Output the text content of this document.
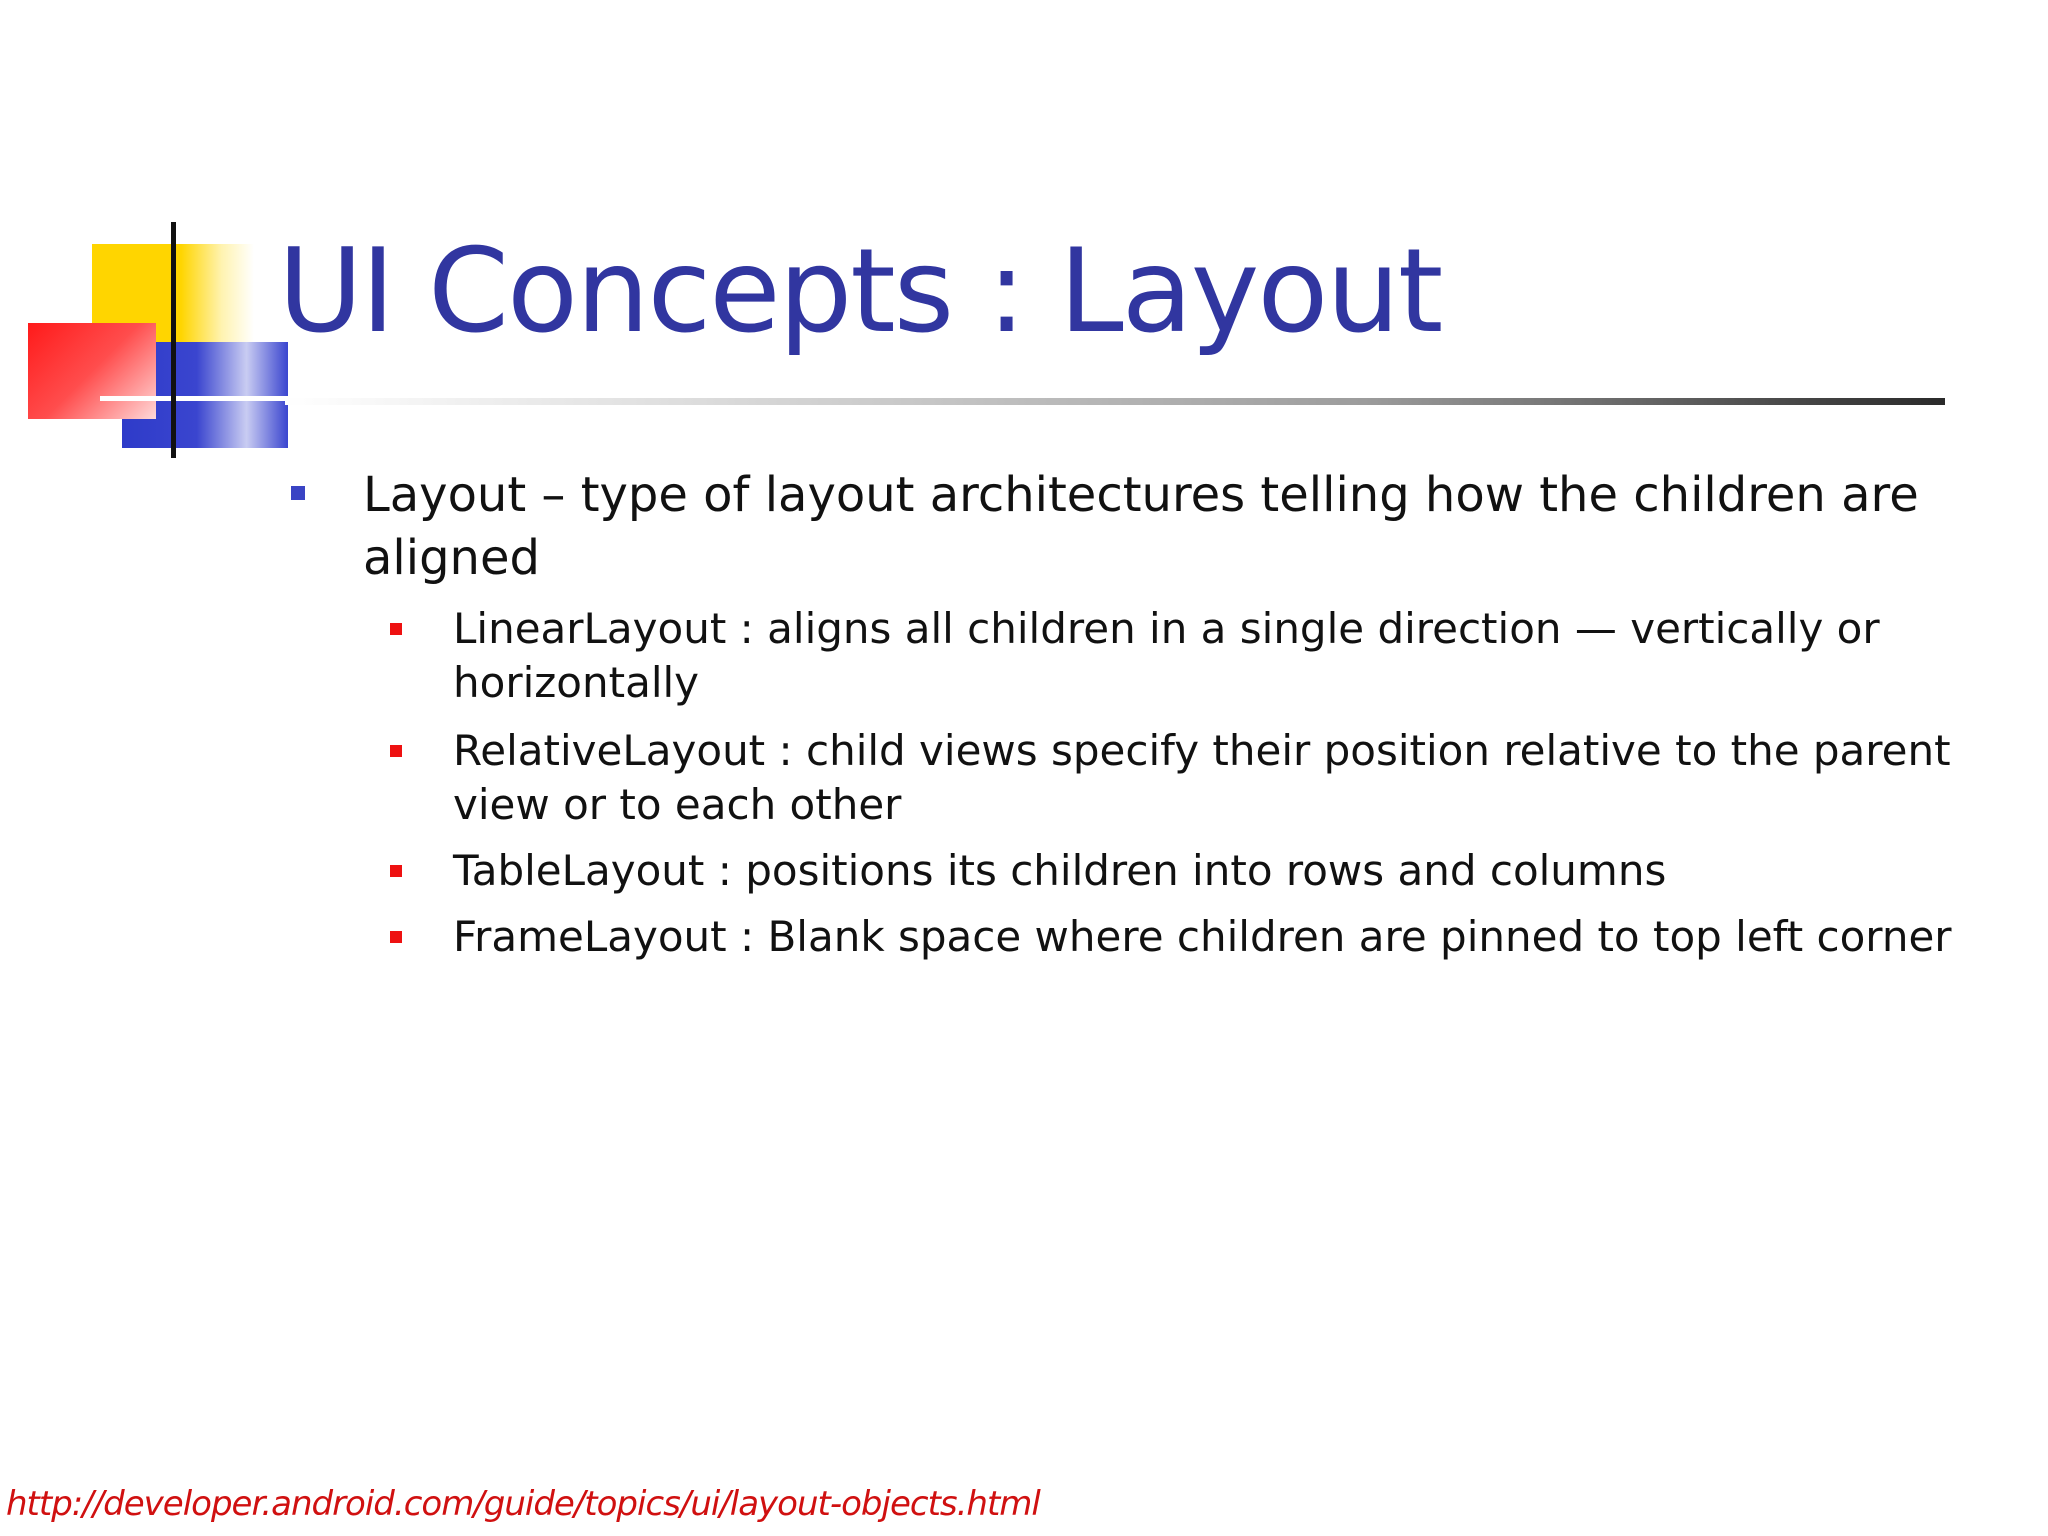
UI Concepts : Layout
Layout – type of layout architectures telling how the children are aligned
LinearLayout : aligns all children in a single direction — vertically or horizontally
RelativeLayout : child views specify their position relative to the parent view or to each other
TableLayout : positions its children into rows and columns
FrameLayout : Blank space where children are pinned to top left corner
http://developer.android.com/guide/topics/ui/layout-objects.html
